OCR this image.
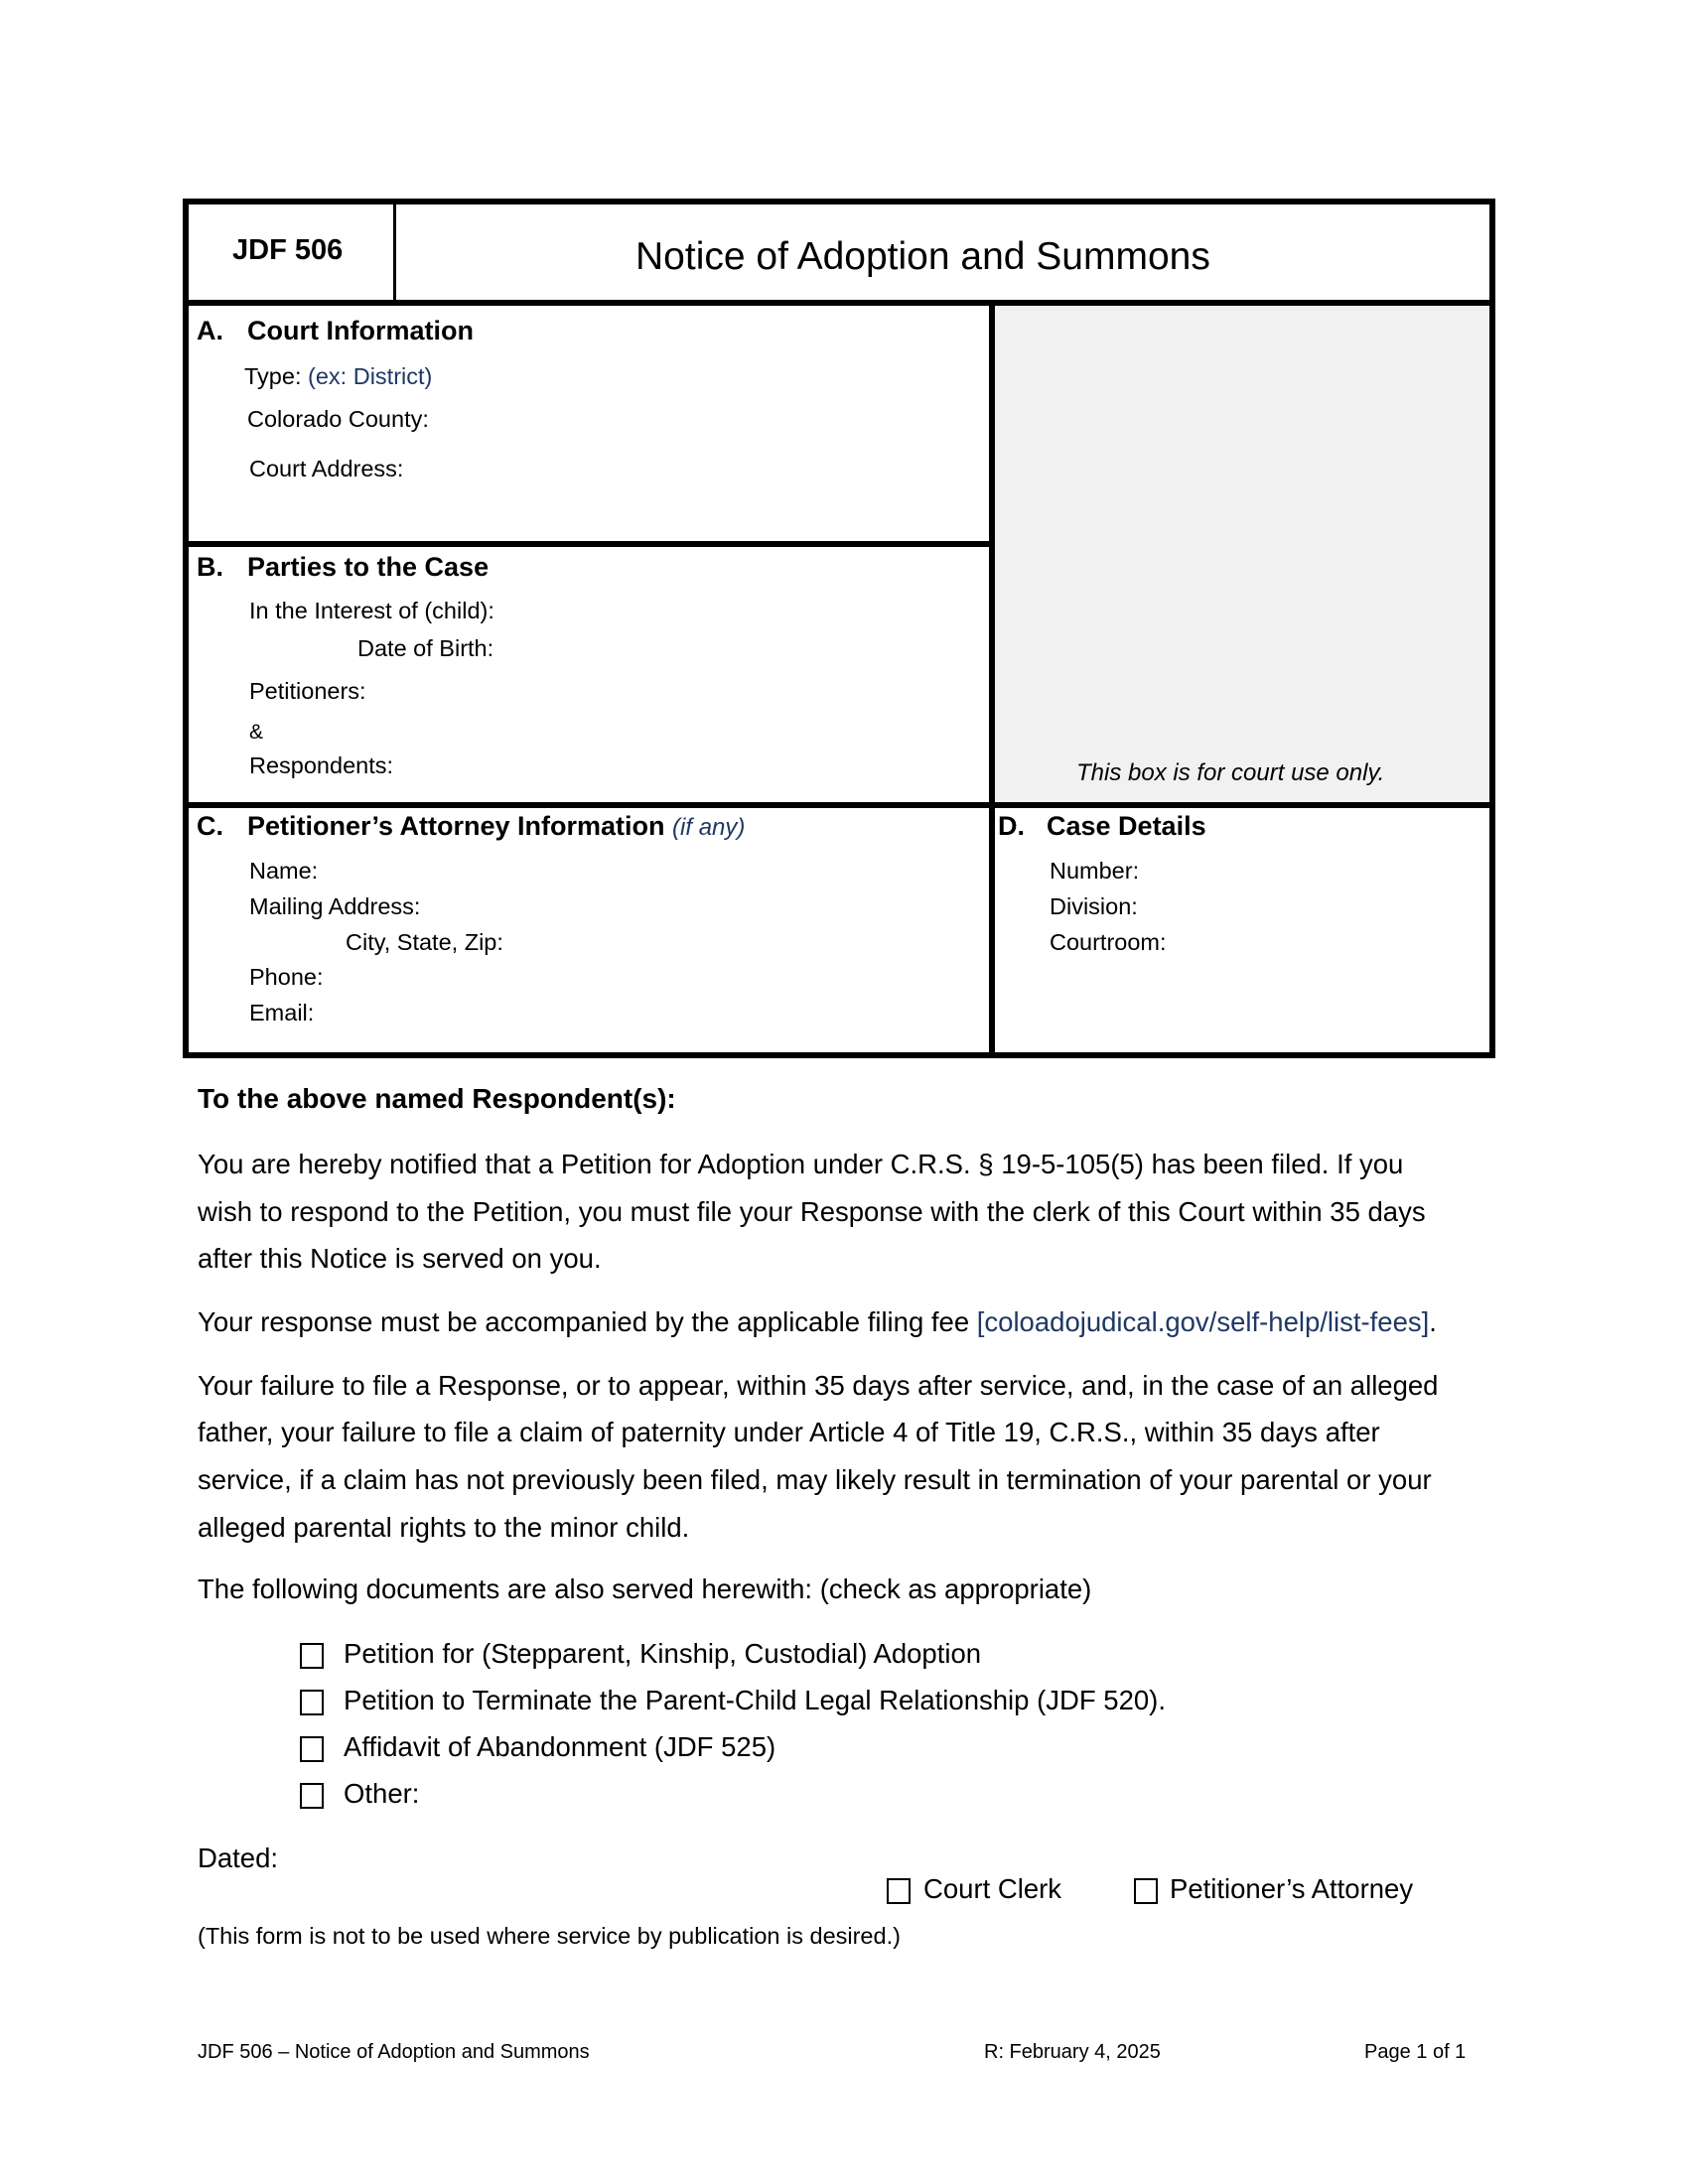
JDF 506	Notice of Adoption and Summons
A. Court Information
Type: (ex: District)
Colorado County:
Court Address:
B. Parties to the Case
In the Interest of (child):
Date of Birth:
Petitioners:
&
Respondents:	This box is for court use only.
C. Petitioner’s Attorney Information (if any)
Name:
Mailing Address:
City, State, Zip:
Phone:
Email:
D. Case Details
Number:
Division:
Courtroom:
To the above named Respondent(s):
You are hereby notified that a Petition for Adoption under C.R.S. § 19-5-105(5) has been filed. If you
wish to respond to the Petition, you must file your Response with the clerk of this Court within 35 days
after this Notice is served on you.
Your response must be accompanied by the applicable filing fee [coloadojudical.gov/self-help/list-fees].
Your failure to file a Response, or to appear, within 35 days after service, and, in the case of an alleged
father, your failure to file a claim of paternity under Article 4 of Title 19, C.R.S., within 35 days after
service, if a claim has not previously been filed, may likely result in termination of your parental or your
alleged parental rights to the minor child.
The following documents are also served herewith: (check as appropriate)
Petition for (Stepparent, Kinship, Custodial) Adoption
Petition to Terminate the Parent-Child Legal Relationship (JDF 520).
Affidavit of Abandonment (JDF 525)
Other:
Dated:
Court Clerk	Petitioner’s Attorney
(This form is not to be used where service by publication is desired.)
JDF 506 – Notice of Adoption and Summons	R: February 4, 2025	Page 1 of 1
